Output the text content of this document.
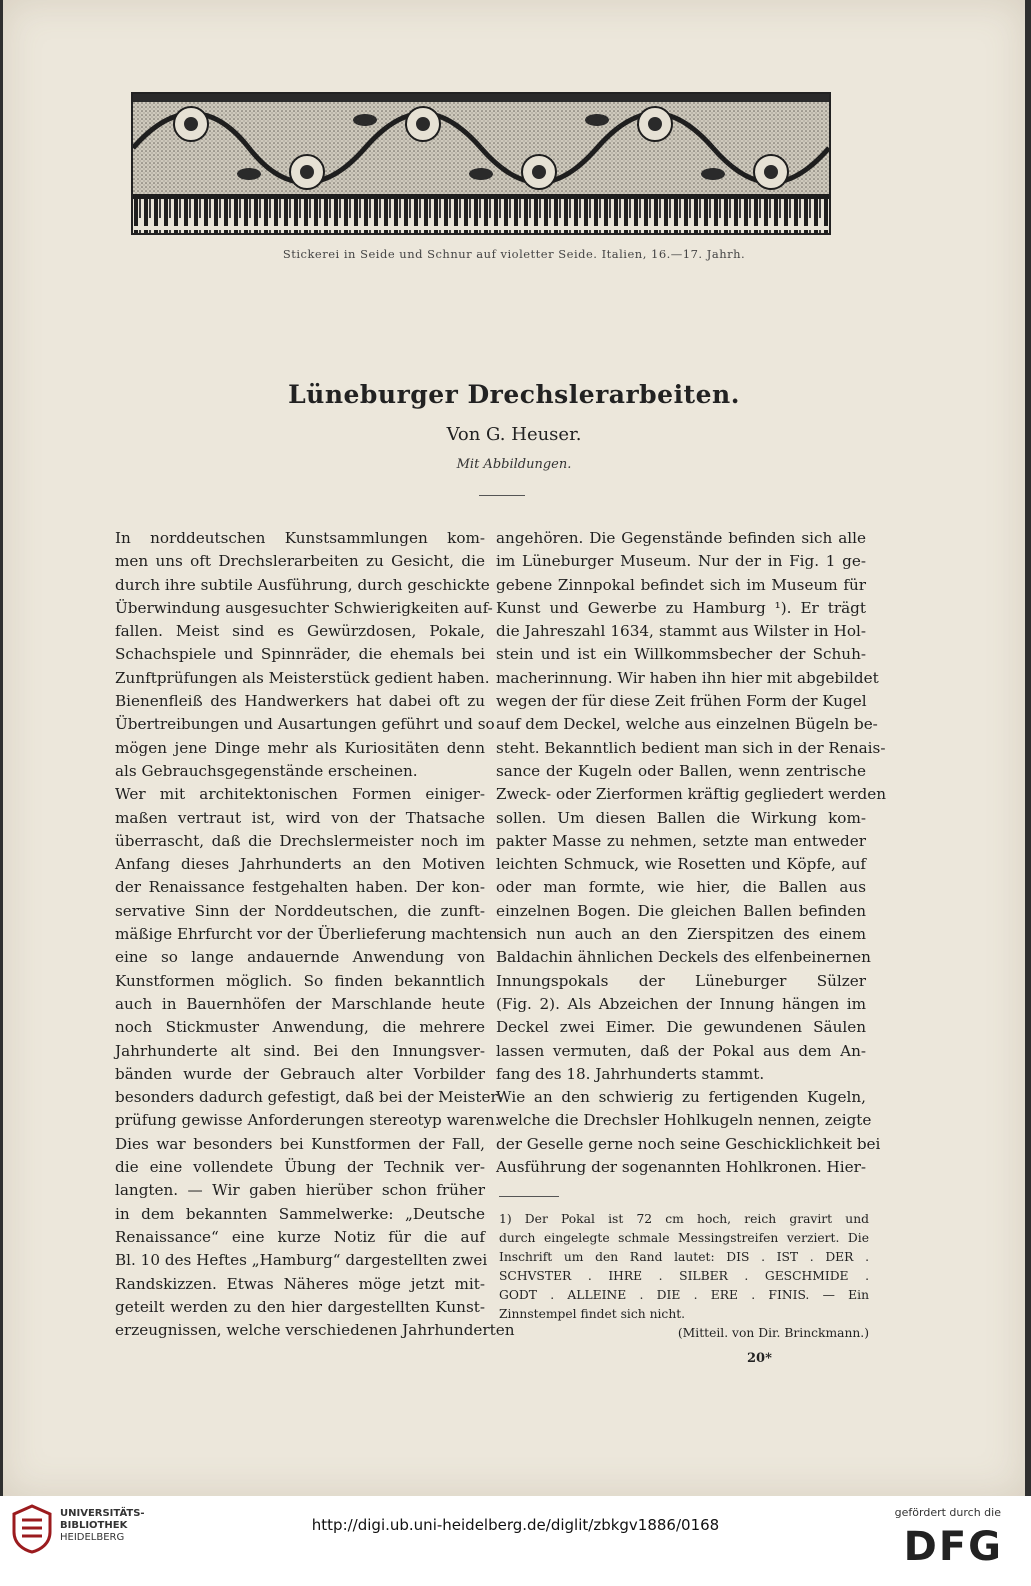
Stickerei in Seide und Schnur auf violetter Seide. Italien, 16.—17. Jahrh.
Lüneburger Drechslerarbeiten.
Von G. Heuser.
Mit Abbildungen.
In norddeutschen Kunstsammlungen kom-
men uns oft Drechslerarbeiten zu Gesicht, die
durch ihre subtile Ausführung, durch geschickte
Überwindung ausgesuchter Schwierigkeiten auf-
fallen. Meist sind es Gewürzdosen, Pokale,
Schachspiele und Spinnräder, die ehemals bei
Zunftprüfungen als Meisterstück gedient haben.
Bienenfleiß des Handwerkers hat dabei oft zu
Übertreibungen und Ausartungen geführt und so
mögen jene Dinge mehr als Kuriositäten denn
als Gebrauchsgegenstände erscheinen.
Wer mit architektonischen Formen einiger-
maßen vertraut ist, wird von der Thatsache
überrascht, daß die Drechslermeister noch im
Anfang dieses Jahrhunderts an den Motiven
der Renaissance festgehalten haben. Der kon-
servative Sinn der Norddeutschen, die zunft-
mäßige Ehrfurcht vor der Überlieferung machten
eine so lange andauernde Anwendung von
Kunstformen möglich. So finden bekanntlich
auch in Bauernhöfen der Marschlande heute
noch Stickmuster Anwendung, die mehrere
Jahrhunderte alt sind. Bei den Innungsver-
bänden wurde der Gebrauch alter Vorbilder
besonders dadurch gefestigt, daß bei der Meister-
prüfung gewisse Anforderungen stereotyp waren.
Dies war besonders bei Kunstformen der Fall,
die eine vollendete Übung der Technik ver-
langten. — Wir gaben hierüber schon früher
in dem bekannten Sammelwerke: „Deutsche
Renaissance“ eine kurze Notiz für die auf
Bl. 10 des Heftes „Hamburg“ dargestellten zwei
Randskizzen. Etwas Näheres möge jetzt mit-
geteilt werden zu den hier dargestellten Kunst-
erzeugnissen, welche verschiedenen Jahrhunderten
angehören. Die Gegenstände befinden sich alle
im Lüneburger Museum. Nur der in Fig. 1 ge-
gebene Zinnpokal befindet sich im Museum für
Kunst und Gewerbe zu Hamburg ¹). Er trägt
die Jahreszahl 1634, stammt aus Wilster in Hol-
stein und ist ein Willkommsbecher der Schuh-
macherinnung. Wir haben ihn hier mit abgebildet
wegen der für diese Zeit frühen Form der Kugel
auf dem Deckel, welche aus einzelnen Bügeln be-
steht. Bekanntlich bedient man sich in der Renais-
sance der Kugeln oder Ballen, wenn zentrische
Zweck- oder Zierformen kräftig gegliedert werden
sollen. Um diesen Ballen die Wirkung kom-
pakter Masse zu nehmen, setzte man entweder
leichten Schmuck, wie Rosetten und Köpfe, auf
oder man formte, wie hier, die Ballen aus
einzelnen Bogen. Die gleichen Ballen befinden
sich nun auch an den Zierspitzen des einem
Baldachin ähnlichen Deckels des elfenbeinernen
Innungspokals der Lüneburger Sülzer
(Fig. 2). Als Abzeichen der Innung hängen im
Deckel zwei Eimer. Die gewundenen Säulen
lassen vermuten, daß der Pokal aus dem An-
fang des 18. Jahrhunderts stammt.
Wie an den schwierig zu fertigenden Kugeln,
welche die Drechsler Hohlkugeln nennen, zeigte
der Geselle gerne noch seine Geschicklichkeit bei
Ausführung der sogenannten Hohlkronen. Hier-
1) Der Pokal ist 72 cm hoch, reich gravirt und
durch eingelegte schmale Messingstreifen verziert. Die
Inschrift um den Rand lautet: DIS . IST . DER .
SCHVSTER . IHRE . SILBER . GESCHMIDE .
GODT . ALLEINE . DIE . ERE . FINIS. — Ein
Zinnstempel findet sich nicht.
(Mitteil. von Dir. Brinckmann.)
20*
UNIVERSITÄTS-
BIBLIOTHEK
HEIDELBERG
http://digi.ub.uni-heidelberg.de/diglit/zbkgv1886/0168
gefördert durch die
DFG
